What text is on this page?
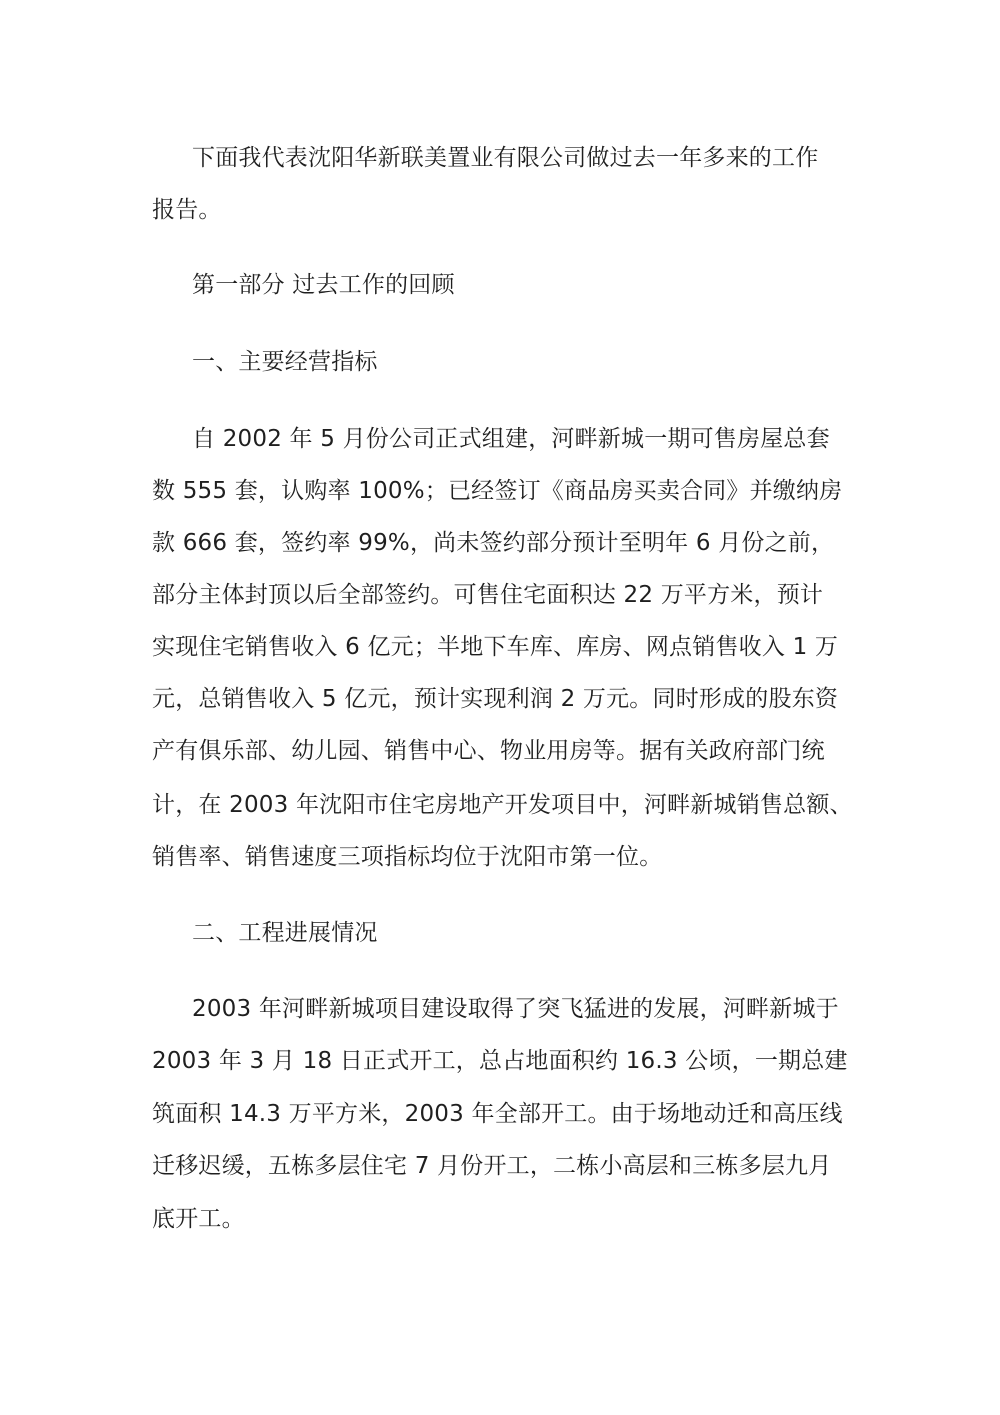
下面我代表沈阳华新联美置业有限公司做过去一年多来的工作
报告。
第一部分 过去工作的回顾
一、主要经营指标
自 2002 年 5 月份公司正式组建，河畔新城一期可售房屋总套
数 555 套，认购率 100%；已经签订《商品房买卖合同》并缴纳房
款 666 套，签约率 99%，尚未签约部分预计至明年 6 月份之前，
部分主体封顶以后全部签约。可售住宅面积达 22 万平方米，预计
实现住宅销售收入 6 亿元；半地下车库、库房、网点销售收入 1 万
元，总销售收入 5 亿元，预计实现利润 2 万元。同时形成的股东资
产有俱乐部、幼儿园、销售中心、物业用房等。据有关政府部门统
计，在 2003 年沈阳市住宅房地产开发项目中，河畔新城销售总额、
销售率、销售速度三项指标均位于沈阳市第一位。
二、工程进展情况
2003 年河畔新城项目建设取得了突飞猛进的发展，河畔新城于
2003 年 3 月 18 日正式开工，总占地面积约 16.3 公顷，一期总建
筑面积 14.3 万平方米，2003 年全部开工。由于场地动迁和高压线
迁移迟缓，五栋多层住宅 7 月份开工，二栋小高层和三栋多层九月
底开工。
